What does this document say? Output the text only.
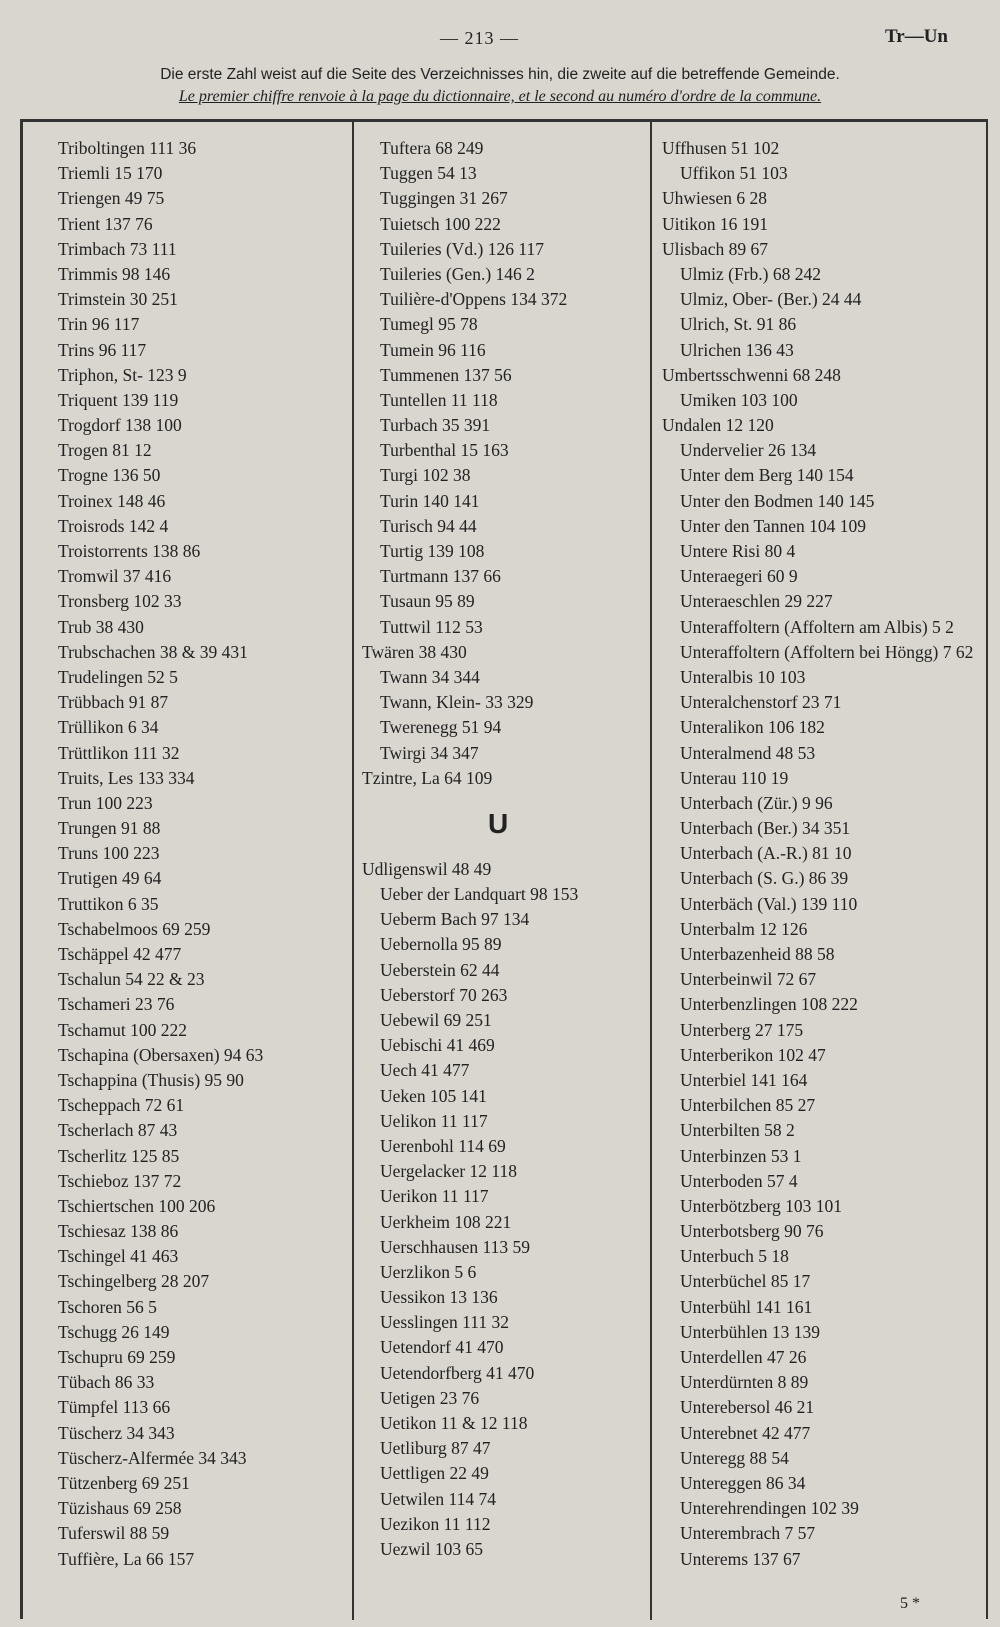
— 213 —	Tr—Un
Die erste Zahl weist auf die Seite des Verzeichnisses hin, die zweite auf die betreffende Gemeinde.
Le premier chiffre renvoie à la page du dictionnaire, et le second au numéro d'ordre de la commune.
Triboltingen 111 36
Triemli 15 170
Triengen 49 75
Trient 137 76
Trimbach 73 111
Trimmis 98 146
Trimstein 30 251
Trin 96 117
Trins 96 117
Triphon, St- 123 9
Triquent 139 119
Trogdorf 138 100
Trogen 81 12
Trogne 136 50
Troinex 148 46
Troisrods 142 4
Troistorrents 138 86
Tromwil 37 416
Tronsberg 102 33
Trub 38 430
Trubschachen 38 & 39 431
Trudelingen 52 5
Trübbach 91 87
Trüllikon 6 34
Trüttlikon 111 32
Truits, Les 133 334
Trun 100 223
Trungen 91 88
Truns 100 223
Trutigen 49 64
Truttikon 6 35
Tschabelmoos 69 259
Tschäppel 42 477
Tschalun 54 22 & 23
Tschameri 23 76
Tschamut 100 222
Tschapina (Obersaxen) 94 63
Tschappina (Thusis) 95 90
Tscheppach 72 61
Tscherlach 87 43
Tscherlitz 125 85
Tschieboz 137 72
Tschiertschen 100 206
Tschiesaz 138 86
Tschingel 41 463
Tschingelberg 28 207
Tschoren 56 5
Tschugg 26 149
Tschupru 69 259
Tübach 86 33
Tümpfel 113 66
Tüscherz 34 343
Tüscherz-Alfermée 34 343
Tützenberg 69 251
Tüzishaus 69 258
Tuferswil 88 59
Tuffière, La 66 157
Tuftera 68 249
Tuggen 54 13
Tuggingen 31 267
Tuietsch 100 222
Tuileries (Vd.) 126 117
Tuileries (Gen.) 146 2
Tuilière-d'Oppens 134 372
Tumegl 95 78
Tumein 96 116
Tummenen 137 56
Tuntellen 11 118
Turbach 35 391
Turbenthal 15 163
Turgi 102 38
Turin 140 141
Turisch 94 44
Turtig 139 108
Turtmann 137 66
Tusaun 95 89
Tuttwil 112 53
Twären 38 430
Twann 34 344
Twann, Klein- 33 329
Twerenegg 51 94
Twirgi 34 347
Tzintre, La 64 109
U
Udligenswil 48 49
Ueber der Landquart 98 153
Ueberm Bach 97 134
Uebernolla 95 89
Ueberstein 62 44
Ueberstorf 70 263
Uebewil 69 251
Uebischi 41 469
Uech 41 477
Ueken 105 141
Uelikon 11 117
Uerenbohl 114 69
Uergelacker 12 118
Uerikon 11 117
Uerkheim 108 221
Uerschhausen 113 59
Uerzlikon 5 6
Uessikon 13 136
Uesslingen 111 32
Uetendorf 41 470
Uetendorfberg 41 470
Uetigen 23 76
Uetikon 11 & 12 118
Uetliburg 87 47
Uettligen 22 49
Uetwilen 114 74
Uezikon 11 112
Uezwil 103 65
Uffhusen 51 102
Uffikon 51 103
Uhwiesen 6 28
Uitikon 16 191
Ulisbach 89 67
Ulmiz (Frb.) 68 242
Ulmiz, Ober- (Ber.) 24 44
Ulrich, St. 91 86
Ulrichen 136 43
Umbertsschwenni 68 248
Umiken 103 100
Undalen 12 120
Undervelier 26 134
Unter dem Berg 140 154
Unter den Bodmen 140 145
Unter den Tannen 104 109
Untere Risi 80 4
Unteraegeri 60 9
Unteraeschlen 29 227
Unteraffoltern (Affoltern am Albis) 5 2
Unteraffoltern (Affoltern bei Höngg) 7 62
Unteralbis 10 103
Unteralchenstorf 23 71
Unteralikon 106 182
Unteralmend 48 53
Unterau 110 19
Unterbach (Zür.) 9 96
Unterbach (Ber.) 34 351
Unterbach (A.-R.) 81 10
Unterbach (S. G.) 86 39
Unterbäch (Val.) 139 110
Unterbalm 12 126
Unterbazenheid 88 58
Unterbeinwil 72 67
Unterbenzlingen 108 222
Unterberg 27 175
Unterberikon 102 47
Unterbiel 141 164
Unterbilchen 85 27
Unterbilten 58 2
Unterbinzen 53 1
Unterboden 57 4
Unterbötzberg 103 101
Unterbotsberg 90 76
Unterbuch 5 18
Unterbüchel 85 17
Unterbühl 141 161
Unterbühlen 13 139
Unterdellen 47 26
Unterdürnten 8 89
Unterebersol 46 21
Unterebnet 42 477
Unteregg 88 54
Untereggen 86 34
Unterehrendingen 102 39
Unterembrach 7 57
Unterems 137 67
5 *
